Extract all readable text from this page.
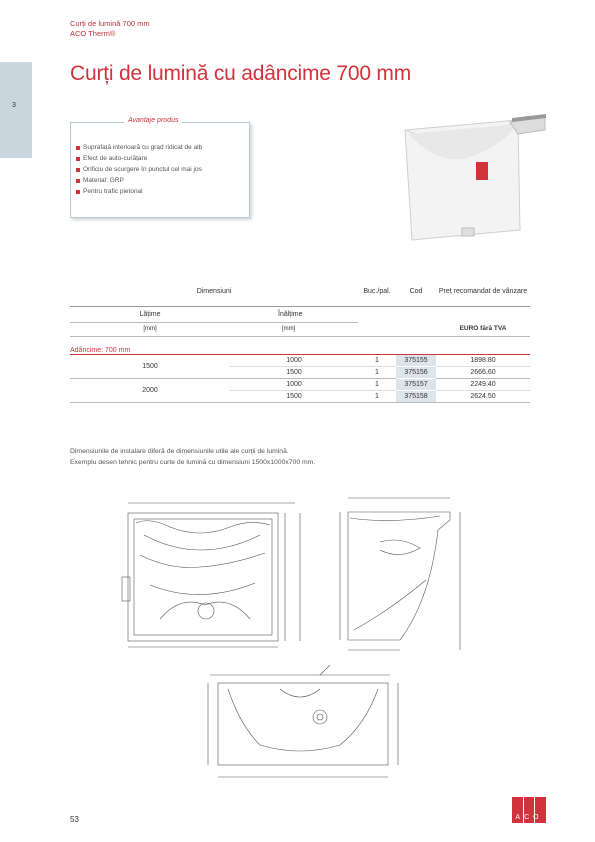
Curți de lumină 700 mm
ACO Therm®
3
Curți de lumină cu adâncime 700 mm
Avantaje produs
Suprafață interioară cu grad ridicat de alb
Efect de auto-curățare
Orificiu de scurgere în punctul cel mai jos
Material: GRP
Pentru trafic pietonal
Dimensiuni		Buc./pal.	Cod	Preț recomandat de vânzare
Lățime	Înălțime			
[mm]	[mm]			EURO fără TVA
Adâncime: 700 mm				
1500	1000	1	375155	1898.80
	1500	1	375156	2666.60
2000	1000	1	375157	2249.40
	1500	1	375158	2624.50
Dimensiunile de instalare diferă de dimensiunile utile ale curții de lumină.
Exemplu desen tehnic pentru curte de lumină cu dimensiuni 1500x1000x700 mm.
53	ACO
